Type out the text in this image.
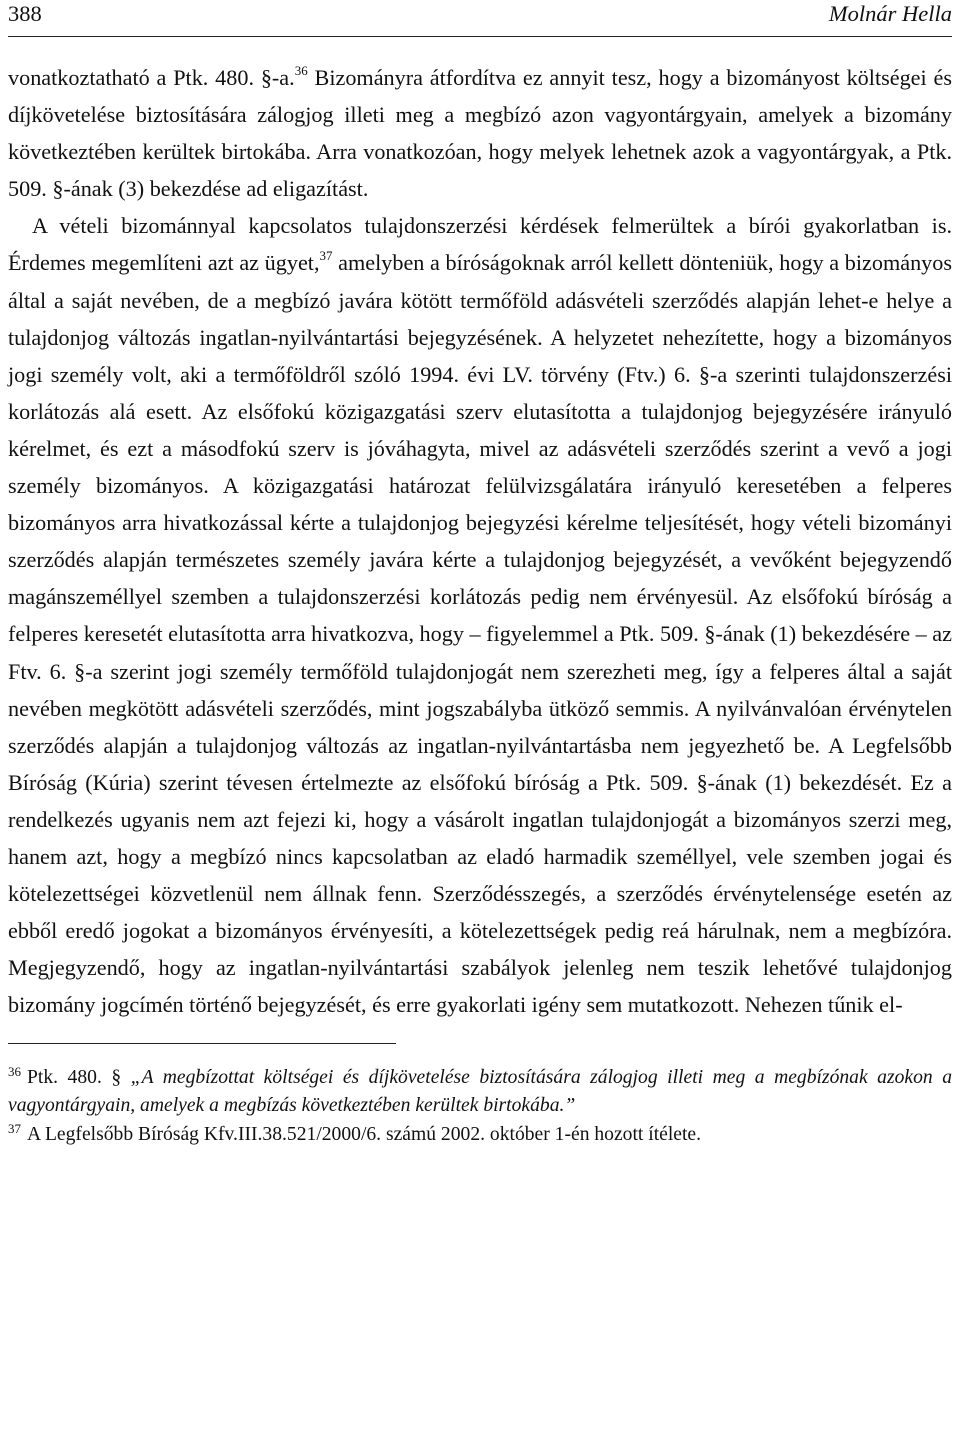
388	Molnár Hella

vonatkoztatható a Ptk. 480. §-a.$^{36}$ Bizományra átfordítva ez annyit tesz, hogy a bizományost költségei és díjkövetelése biztosítására zálogjog illeti meg a megbízó azon vagyontárgyain, amelyek a bizomány következtében kerültek birtokába. Arra vonatkozóan, hogy melyek lehetnek azok a vagyontárgyak, a Ptk. 509. §-ának (3) bekezdése ad eligazítást.

A vételi bizománnyal kapcsolatos tulajdonszerzési kérdések felmerültek a bírói gyakorlatban is. Érdemes megemlíteni azt az ügyet,$^{37}$ amelyben a bíróságoknak arról kellett dönteniük, hogy a bizományos által a saját nevében, de a megbízó javára kötött termőföld adásvételi szerződés alapján lehet-e helye a tulajdonjog változás ingatlan-nyilvántartási bejegyzésének. A helyzetet nehezítette, hogy a bizományos jogi személy volt, aki a termőföldről szóló 1994. évi LV. törvény (Ftv.) 6. §-a szerinti tulajdonszerzési korlátozás alá esett. Az elsőfokú közigazgatási szerv elutasította a tulajdonjog bejegyzésére irányuló kérelmet, és ezt a másodfokú szerv is jóváhagyta, mivel az adásvételi szerződés szerint a vevő a jogi személy bizományos. A közigazgatási határozat felülvizsgálatára irányuló keresetében a felperes bizományos arra hivatkozással kérte a tulajdonjog bejegyzési kérelme teljesítését, hogy vételi bizományi szerződés alapján természetes személy javára kérte a tulajdonjog bejegyzését, a vevőként bejegyzendő magánszeméllyel szemben a tulajdonszerzési korlátozás pedig nem érvényesül. Az elsőfokú bíróság a felperes keresetét elutasította arra hivatkozva, hogy – figyelemmel a Ptk. 509. §-ának (1) bekezdésére – az Ftv. 6. §-a szerint jogi személy termőföld tulajdonjogát nem szerezheti meg, így a felperes által a saját nevében megkötött adásvételi szerződés, mint jogszabályba ütköző semmis. A nyilvánvalóan érvénytelen szerződés alapján a tulajdonjog változás az ingatlan-nyilvántartásba nem jegyezhető be. A Legfelsőbb Bíróság (Kúria) szerint tévesen értelmezte az elsőfokú bíróság a Ptk. 509. §-ának (1) bekezdését. Ez a rendelkezés ugyanis nem azt fejezi ki, hogy a vásárolt ingatlan tulajdonjogát a bizományos szerzi meg, hanem azt, hogy a megbízó nincs kapcsolatban az eladó harmadik személlyel, vele szemben jogai és kötelezettségei közvetlenül nem állnak fenn. Szerződésszegés, a szerződés érvénytelensége esetén az ebből eredő jogokat a bizományos érvényesíti, a kötelezettségek pedig reá hárulnak, nem a megbízóra. Megjegyzendő, hogy az ingatlan-nyilvántartási szabályok jelenleg nem teszik lehetővé tulajdonjog bizomány jogcímén történő bejegyzését, és erre gyakorlati igény sem mutatkozott. Nehezen tűnik el-

$^{36}$ Ptk. 480. § „A megbízottat költségei és díjkövetelése biztosítására zálogjog illeti meg a megbízónak azokon a vagyontárgyain, amelyek a megbízás következtében kerültek birtokába.”

$^{37}$ A Legfelsőbb Bíróság Kfv.III.38.521/2000/6. számú 2002. október 1-én hozott ítélete.
